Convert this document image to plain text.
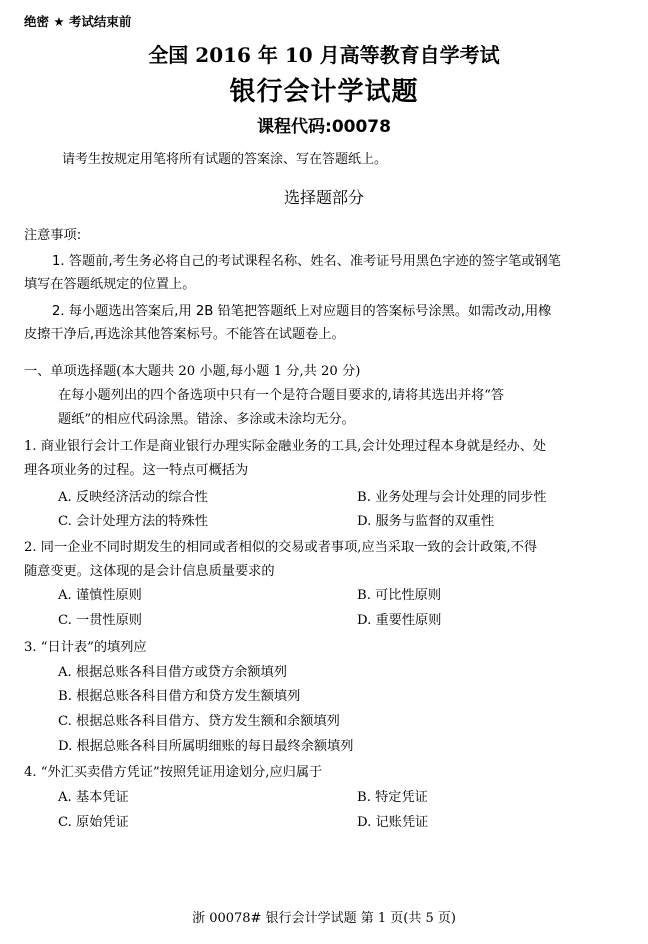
绝密 ★ 考试结束前
全国 2016 年 10 月高等教育自学考试
银行会计学试题
课程代码:00078
请考生按规定用笔将所有试题的答案涂、写在答题纸上。
选择题部分
注意事项:
1. 答题前,考生务必将自己的考试课程名称、姓名、准考证号用黑色字迹的签字笔或钢笔
填写在答题纸规定的位置上。
2. 每小题选出答案后,用 2B 铅笔把答题纸上对应题目的答案标号涂黑。如需改动,用橡
皮擦干净后,再选涂其他答案标号。不能答在试题卷上。
一、单项选择题(本大题共 20 小题,每小题 1 分,共 20 分)
在每小题列出的四个备选项中只有一个是符合题目要求的,请将其选出并将“答
题纸”的相应代码涂黑。错涂、多涂或未涂均无分。
1. 商业银行会计工作是商业银行办理实际金融业务的工具,会计处理过程本身就是经办、处
理各项业务的过程。这一特点可概括为
A. 反映经济活动的综合性	B. 业务处理与会计处理的同步性
C. 会计处理方法的特殊性	D. 服务与监督的双重性
2. 同一企业不同时期发生的相同或者相似的交易或者事项,应当采取一致的会计政策,不得
随意变更。这体现的是会计信息质量要求的
A. 谨慎性原则	B. 可比性原则
C. 一贯性原则	D. 重要性原则
3. “日计表”的填列应
A. 根据总账各科目借方或贷方余额填列
B. 根据总账各科目借方和贷方发生额填列
C. 根据总账各科目借方、贷方发生额和余额填列
D. 根据总账各科目所属明细账的每日最终余额填列
4. “外汇买卖借方凭证”按照凭证用途划分,应归属于
A. 基本凭证	B. 特定凭证
C. 原始凭证	D. 记账凭证
浙 00078# 银行会计学试题 第 1 页(共 5 页)
